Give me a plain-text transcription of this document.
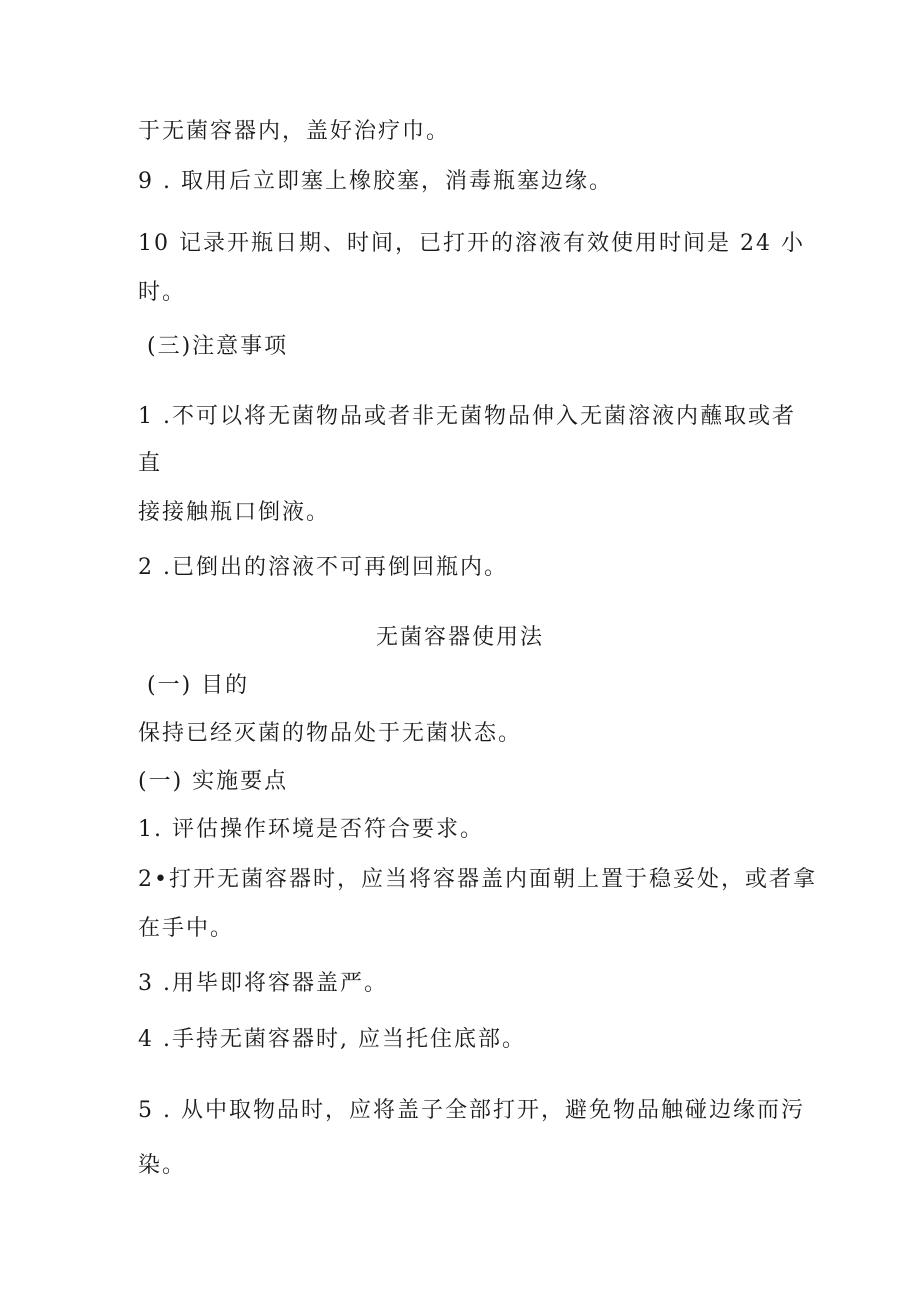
于无菌容器内，盖好治疗巾。
9 . 取用后立即塞上橡胶塞，消毒瓶塞边缘。
10 记录开瓶日期、时间，已打开的溶液有效使用时间是 24 小
时。
(三)注意事项
1 .不可以将无菌物品或者非无菌物品伸入无菌溶液内蘸取或者
直
接接触瓶口倒液。
2 .已倒出的溶液不可再倒回瓶内。
无菌容器使用法
(一) 目的
保持已经灭菌的物品处于无菌状态。
(一) 实施要点
1. 评估操作环境是否符合要求。
2•打开无菌容器时，应当将容器盖内面朝上置于稳妥处，或者拿
在手中。
3 .用毕即将容器盖严。
4 .手持无菌容器时, 应当托住底部。
5 . 从中取物品时，应将盖子全部打开，避免物品触碰边缘而污
染。
